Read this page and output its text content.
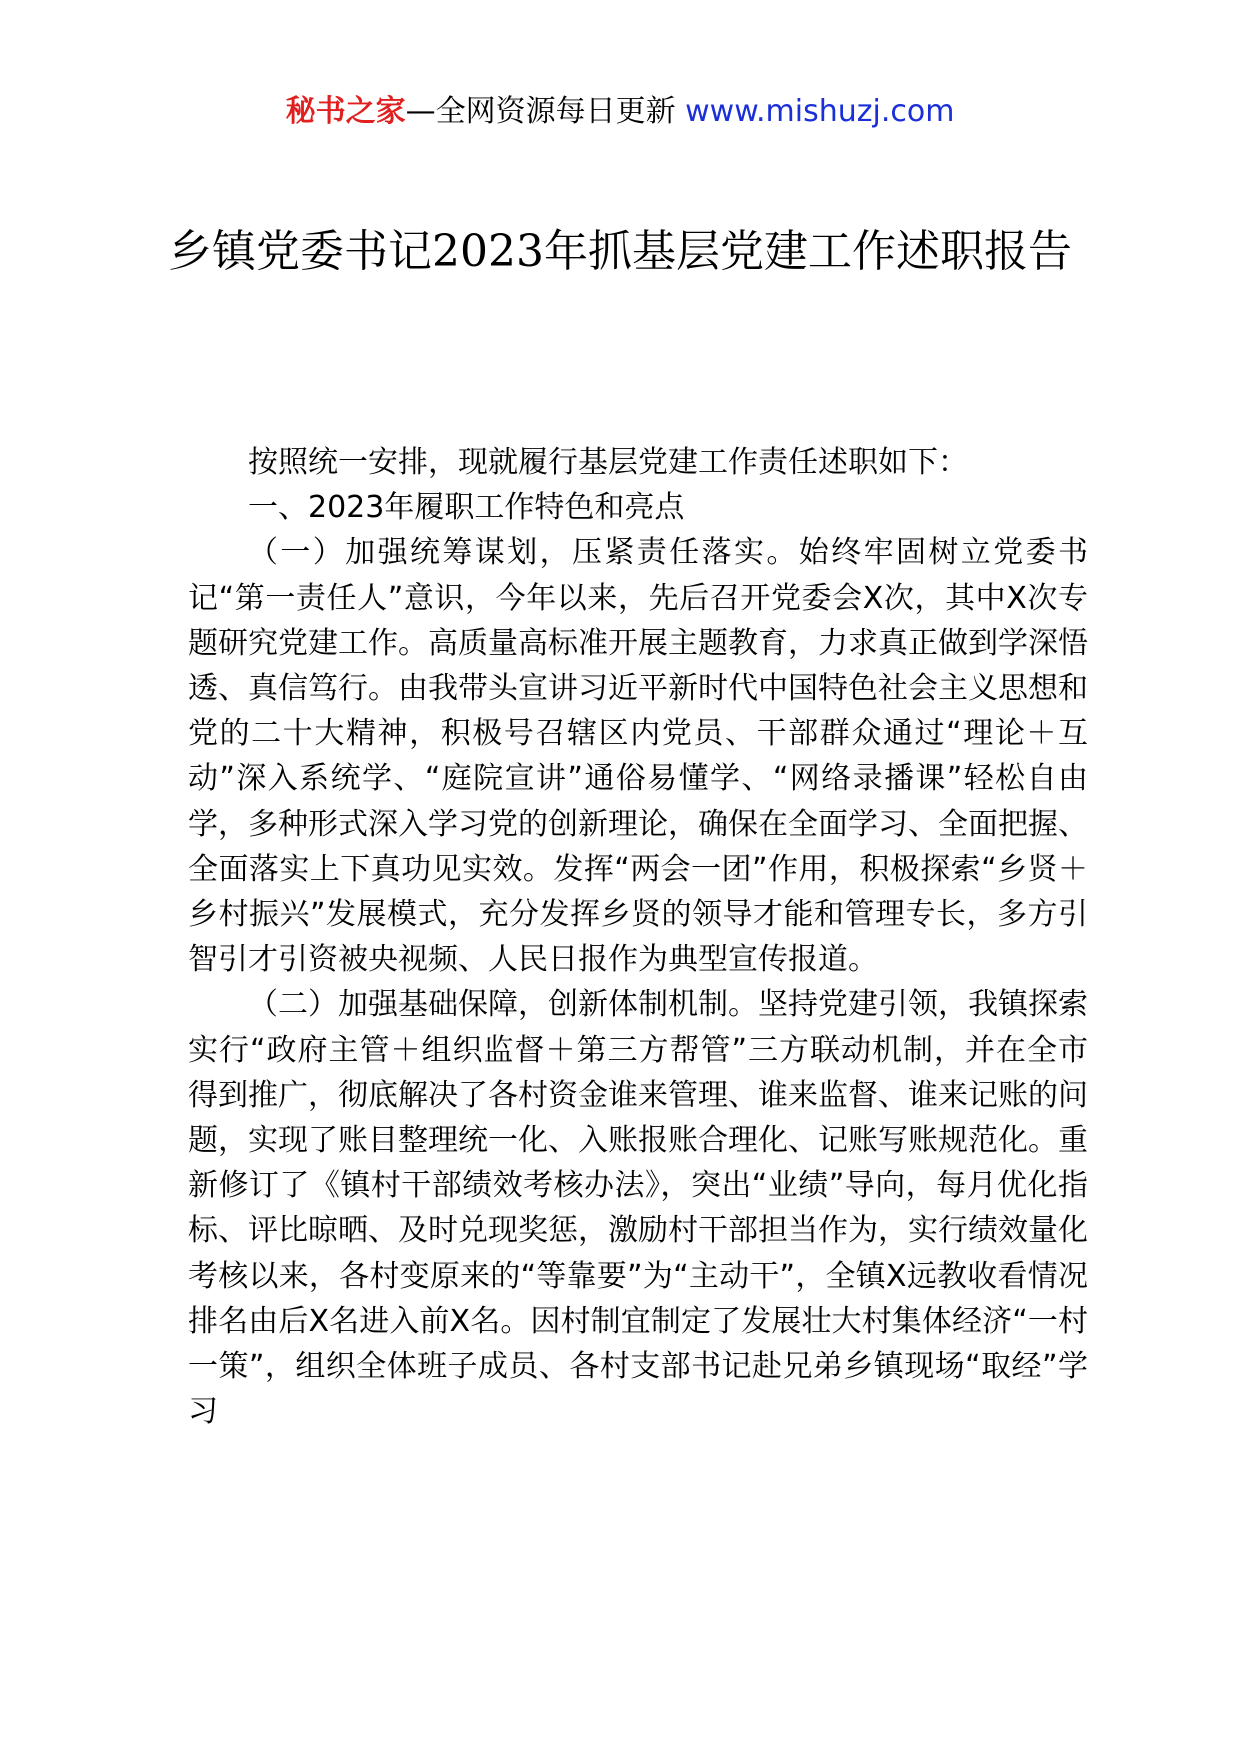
秘书之家—全网资源每日更新 www.mishuzj.com
乡镇党委书记2023年抓基层党建工作述职报告

按照统一安排，现就履行基层党建工作责任述职如下：

一、2023年履职工作特色和亮点

（一）加强统筹谋划，压紧责任落实。始终牢固树立党委书记“第一责任人”意识，今年以来，先后召开党委会X次，其中X次专题研究党建工作。高质量高标准开展主题教育，力求真正做到学深悟透、真信笃行。由我带头宣讲习近平新时代中国特色社会主义思想和党的二十大精神，积极号召辖区内党员、干部群众通过“理论＋互动”深入系统学、“庭院宣讲”通俗易懂学、“网络录播课”轻松自由学，多种形式深入学习党的创新理论，确保在全面学习、全面把握、全面落实上下真功见实效。发挥“两会一团”作用，积极探索“乡贤＋乡村振兴”发展模式，充分发挥乡贤的领导才能和管理专长，多方引智引才引资被央视频、人民日报作为典型宣传报道。

（二）加强基础保障，创新体制机制。坚持党建引领，我镇探索实行“政府主管＋组织监督＋第三方帮管”三方联动机制，并在全市得到推广，彻底解决了各村资金谁来管理、谁来监督、谁来记账的问题，实现了账目整理统一化、入账报账合理化、记账写账规范化。重新修订了《镇村干部绩效考核办法》，突出“业绩”导向，每月优化指标、评比晾晒、及时兑现奖惩，激励村干部担当作为，实行绩效量化考核以来，各村变原来的“等靠要”为“主动干”，全镇X远教收看情况排名由后X名进入前X名。因村制宜制定了发展壮大村集体经济“一村一策”，组织全体班子成员、各村支部书记赴兄弟乡镇现场“取经”学习
